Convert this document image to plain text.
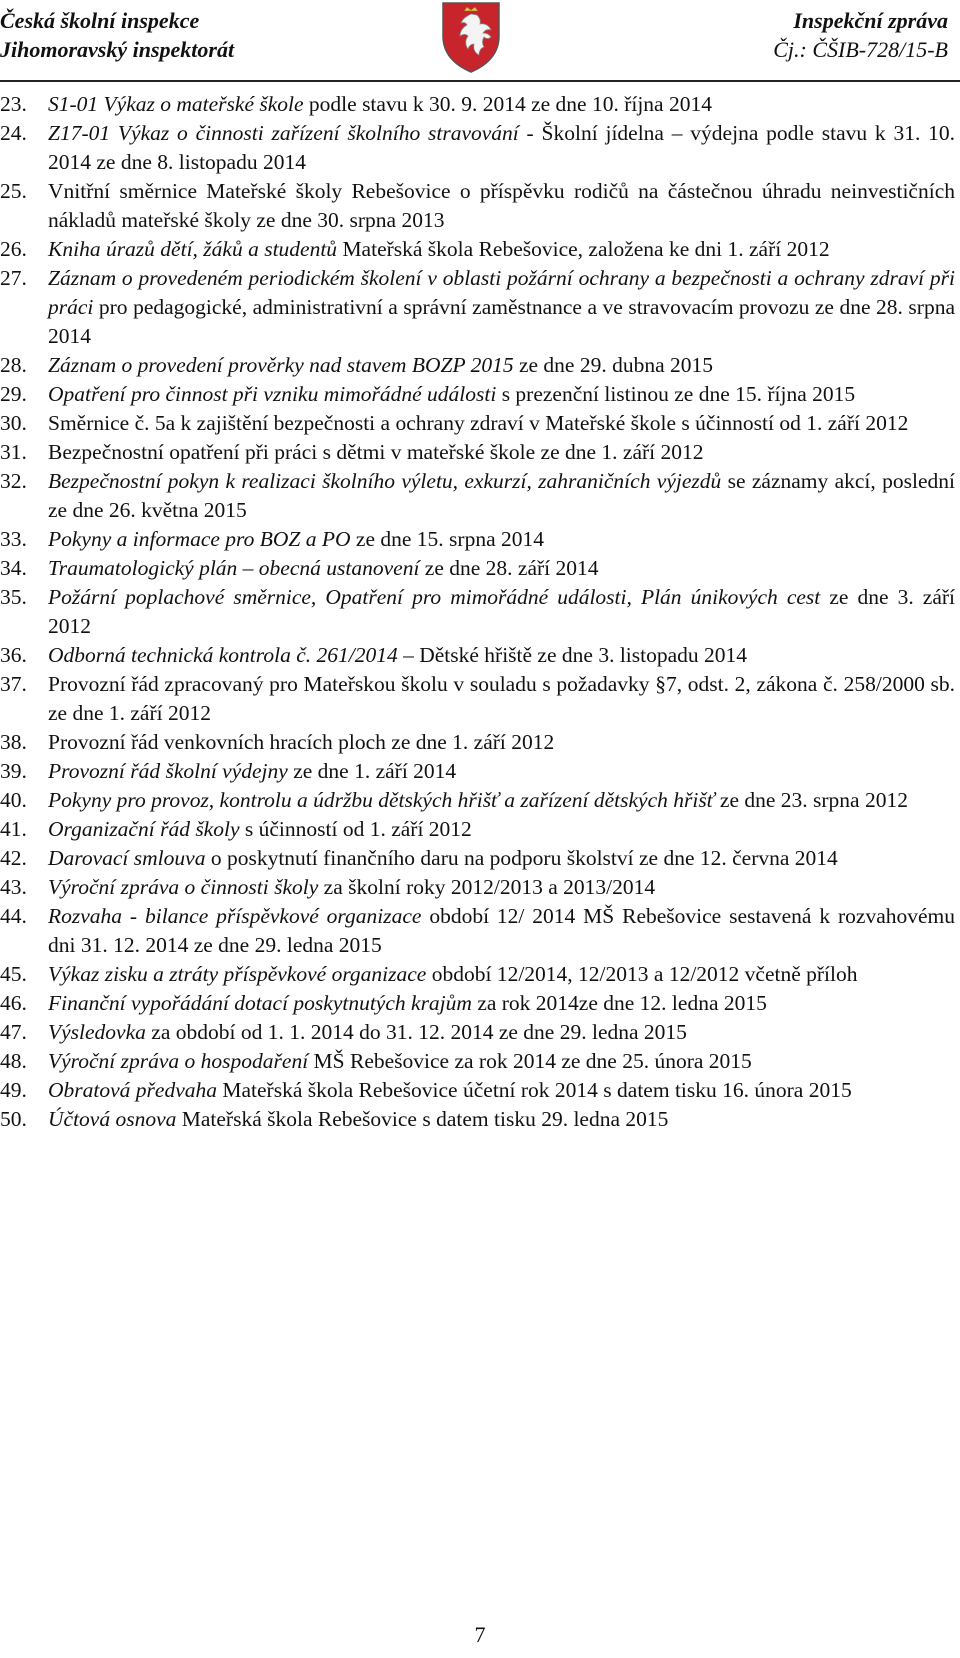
Česká školní inspekce
Jihomoravský inspektorát
Inspekční zpráva
Čj.: ČŠIB-728/15-B
23. S1-01 Výkaz o mateřské škole podle stavu k 30. 9. 2014 ze dne 10. října 2014
24. Z17-01 Výkaz o činnosti zařízení školního stravování - Školní jídelna – výdejna podle stavu k 31. 10. 2014 ze dne 8. listopadu 2014
25. Vnitřní směrnice Mateřské školy Rebešovice o příspěvku rodičů na částečnou úhradu neinvestičních nákladů mateřské školy ze dne 30. srpna 2013
26. Kniha úrazů dětí, žáků a studentů Mateřská škola Rebešovice, založena ke dni 1. září 2012
27. Záznam o provedeném periodickém školení v oblasti požární ochrany a bezpečnosti a ochrany zdraví při práci pro pedagogické, administrativní a správní zaměstnance a ve stravovacím provozu ze dne 28. srpna 2014
28. Záznam o provedení prověrky nad stavem BOZP 2015 ze dne 29. dubna 2015
29. Opatření pro činnost při vzniku mimořádné události s prezenční listinou ze dne 15. října 2015
30. Směrnice č. 5a k zajištění bezpečnosti a ochrany zdraví v Mateřské škole s účinností od 1. září 2012
31. Bezpečnostní opatření při práci s dětmi v mateřské škole ze dne 1. září 2012
32. Bezpečnostní pokyn k realizaci školního výletu, exkurzí, zahraničních výjezdů se záznamy akcí, poslední ze dne 26. května 2015
33. Pokyny a informace pro BOZ a PO ze dne 15. srpna 2014
34. Traumatologický plán – obecná ustanovení ze dne 28. září 2014
35. Požární poplachové směrnice, Opatření pro mimořádné události, Plán únikových cest ze dne 3. září 2012
36. Odborná technická kontrola č. 261/2014 – Dětské hřiště ze dne 3. listopadu 2014
37. Provozní řád zpracovaný pro Mateřskou školu v souladu s požadavky §7, odst. 2, zákona č. 258/2000 sb. ze dne 1. září 2012
38. Provozní řád venkovních hracích ploch ze dne 1. září 2012
39. Provozní řád školní výdejny ze dne 1. září 2014
40. Pokyny pro provoz, kontrolu a údržbu dětských hřišť a zařízení dětských hřišť ze dne 23. srpna 2012
41. Organizační řád školy s účinností od 1. září 2012
42. Darovací smlouva o poskytnutí finančního daru na podporu školství ze dne 12. června 2014
43. Výroční zpráva o činnosti školy za školní roky 2012/2013 a 2013/2014
44. Rozvaha - bilance příspěvkové organizace období 12/ 2014 MŠ Rebešovice sestavená k rozvahovému dni 31. 12. 2014 ze dne 29. ledna 2015
45. Výkaz zisku a ztráty příspěvkové organizace období 12/2014, 12/2013 a 12/2012 včetně příloh
46. Finanční vypořádání dotací poskytnutých krajům za rok 2014ze dne 12. ledna 2015
47. Výsledovka za období od 1. 1. 2014 do 31. 12. 2014 ze dne 29. ledna 2015
48. Výroční zpráva o hospodaření MŠ Rebešovice za rok 2014 ze dne 25. února 2015
49. Obratová předvaha Mateřská škola Rebešovice účetní rok 2014 s datem tisku 16. února 2015
50. Účtová osnova Mateřská škola Rebešovice s datem tisku 29. ledna 2015
7
